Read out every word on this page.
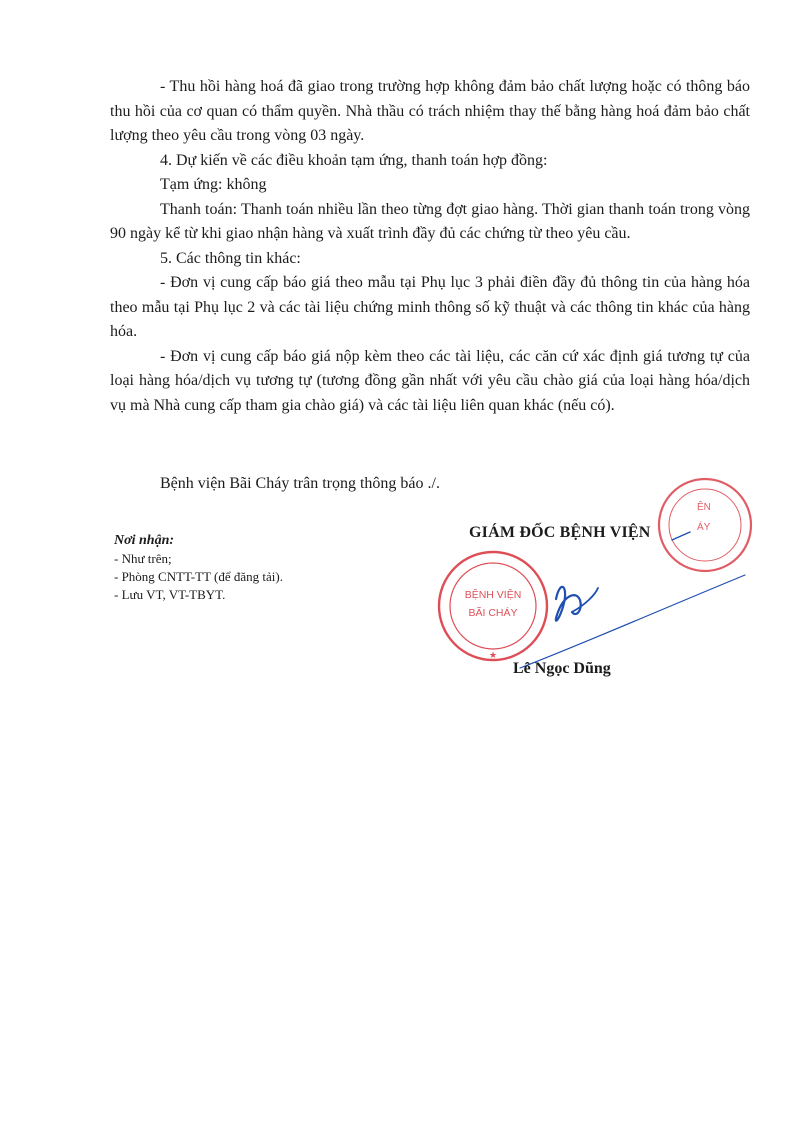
- Thu hồi hàng hoá đã giao trong trường hợp không đảm bảo chất lượng hoặc có thông báo thu hồi của cơ quan có thẩm quyền. Nhà thầu có trách nhiệm thay thế bằng hàng hoá đảm bảo chất lượng theo yêu cầu trong vòng 03 ngày.

4. Dự kiến về các điều khoản tạm ứng, thanh toán hợp đồng:

Tạm ứng: không

Thanh toán: Thanh toán nhiều lần theo từng đợt giao hàng. Thời gian thanh toán trong vòng 90 ngày kể từ khi giao nhận hàng và xuất trình đầy đủ các chứng từ theo yêu cầu.

5. Các thông tin khác:

- Đơn vị cung cấp báo giá theo mẫu tại Phụ lục 3 phải điền đầy đủ thông tin của hàng hóa theo mẫu tại Phụ lục 2 và các tài liệu chứng minh thông số kỹ thuật và các thông tin khác của hàng hóa.

- Đơn vị cung cấp báo giá nộp kèm theo các tài liệu, các căn cứ xác định giá tương tự của loại hàng hóa/dịch vụ tương tự (tương đồng gần nhất với yêu cầu chào giá của loại hàng hóa/dịch vụ mà Nhà cung cấp tham gia chào giá) và các tài liệu liên quan khác (nếu có).

Bệnh viện Bãi Cháy trân trọng thông báo ./.
Nơi nhận:
- Như trên;
- Phòng CNTT-TT (để đăng tải).
- Lưu VT, VT-TBYT.
ÊN
ÁY
BỆNH VIỆN
BÃI CHÁY
★
GIÁM ĐỐC BỆNH VIỆN
Lê Ngọc Dũng
